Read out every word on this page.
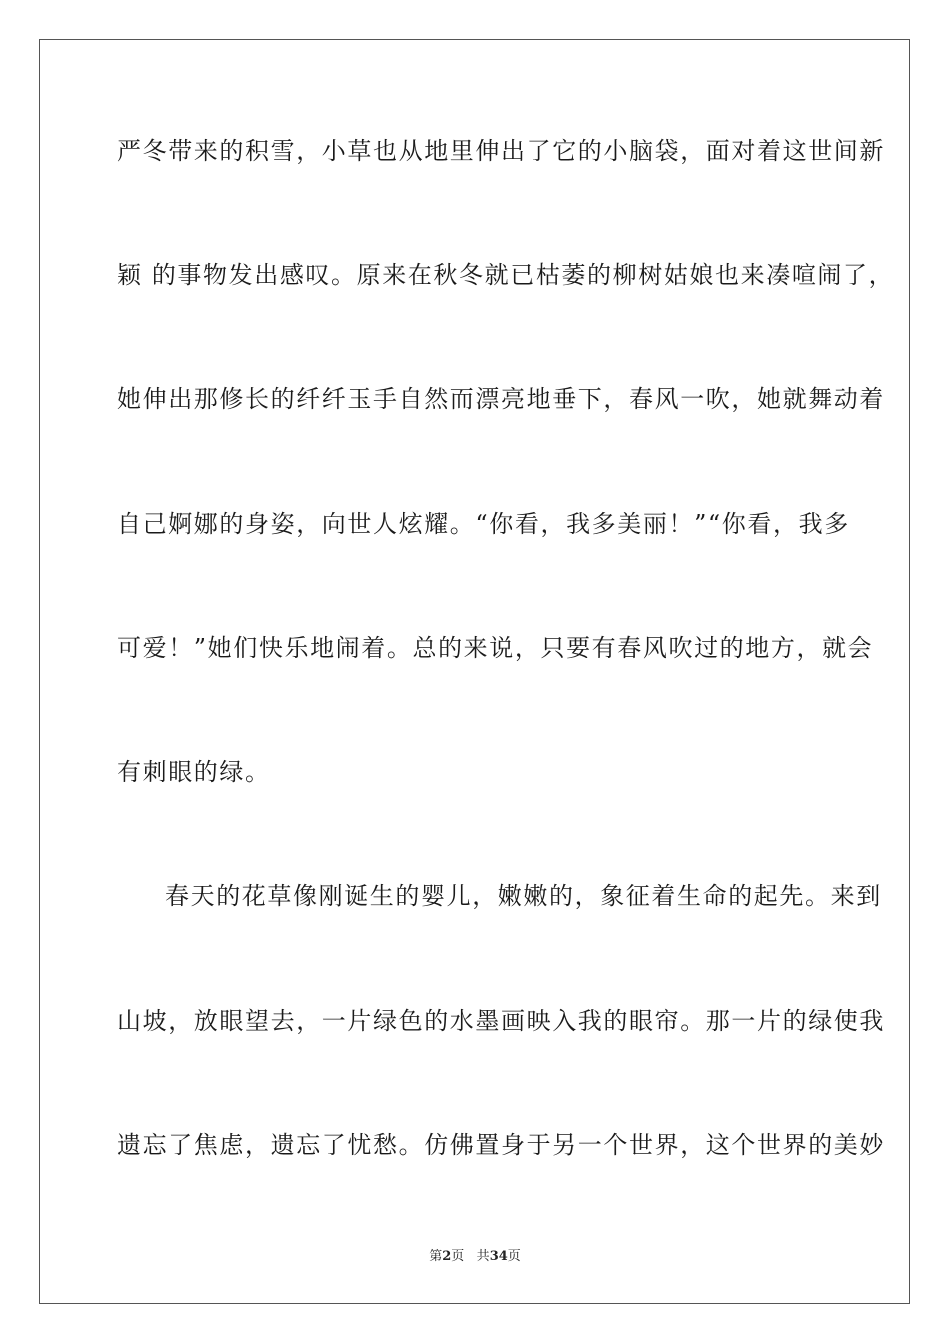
严冬带来的积雪，小草也从地里伸出了它的小脑袋，面对着这世间新
颖 的事物发出感叹。原来在秋冬就已枯萎的柳树姑娘也来凑喧闹了，
她伸出那修长的纤纤玉手自然而漂亮地垂下，春风一吹，她就舞动着
自己婀娜的身姿，向世人炫耀。“你看，我多美丽！”“你看，我多
可爱！”她们快乐地闹着。总的来说，只要有春风吹过的地方，就会
有刺眼的绿。
春天的花草像刚诞生的婴儿，嫩嫩的，象征着生命的起先。来到
山坡，放眼望去，一片绿色的水墨画映入我的眼帘。那一片的绿使我
遗忘了焦虑，遗忘了忧愁。仿佛置身于另一个世界，这个世界的美妙
第2页 共34页
